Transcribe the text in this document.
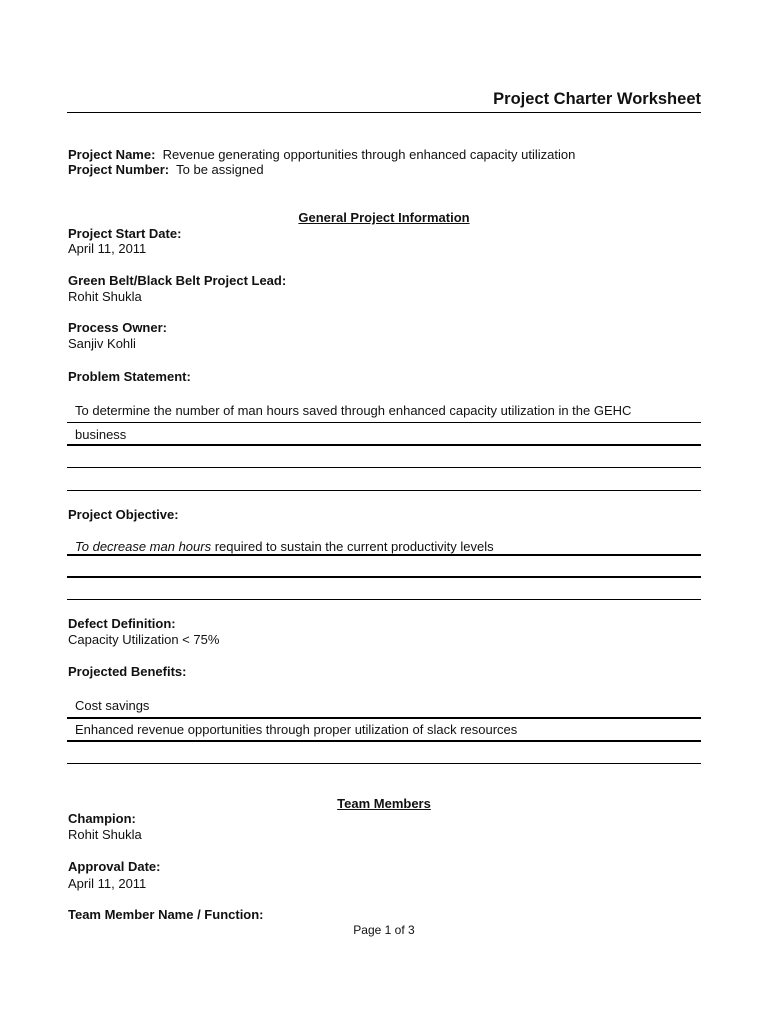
Project Charter Worksheet
Project Name: Revenue generating opportunities through enhanced capacity utilization
Project Number: To be assigned
General Project Information
Project Start Date:
April 11, 2011
Green Belt/Black Belt Project Lead:
Rohit Shukla
Process Owner:
Sanjiv Kohli
Problem Statement:
To determine the number of man hours saved through enhanced capacity utilization in the GEHC
business
Project Objective:
To decrease man hours required to sustain the current productivity levels
Defect Definition:
Capacity Utilization < 75%
Projected Benefits:
Cost savings
Enhanced revenue opportunities through proper utilization of slack resources
Team Members
Champion:
Rohit Shukla
Approval Date:
April 11, 2011
Team Member Name / Function:
Page 1 of 3
